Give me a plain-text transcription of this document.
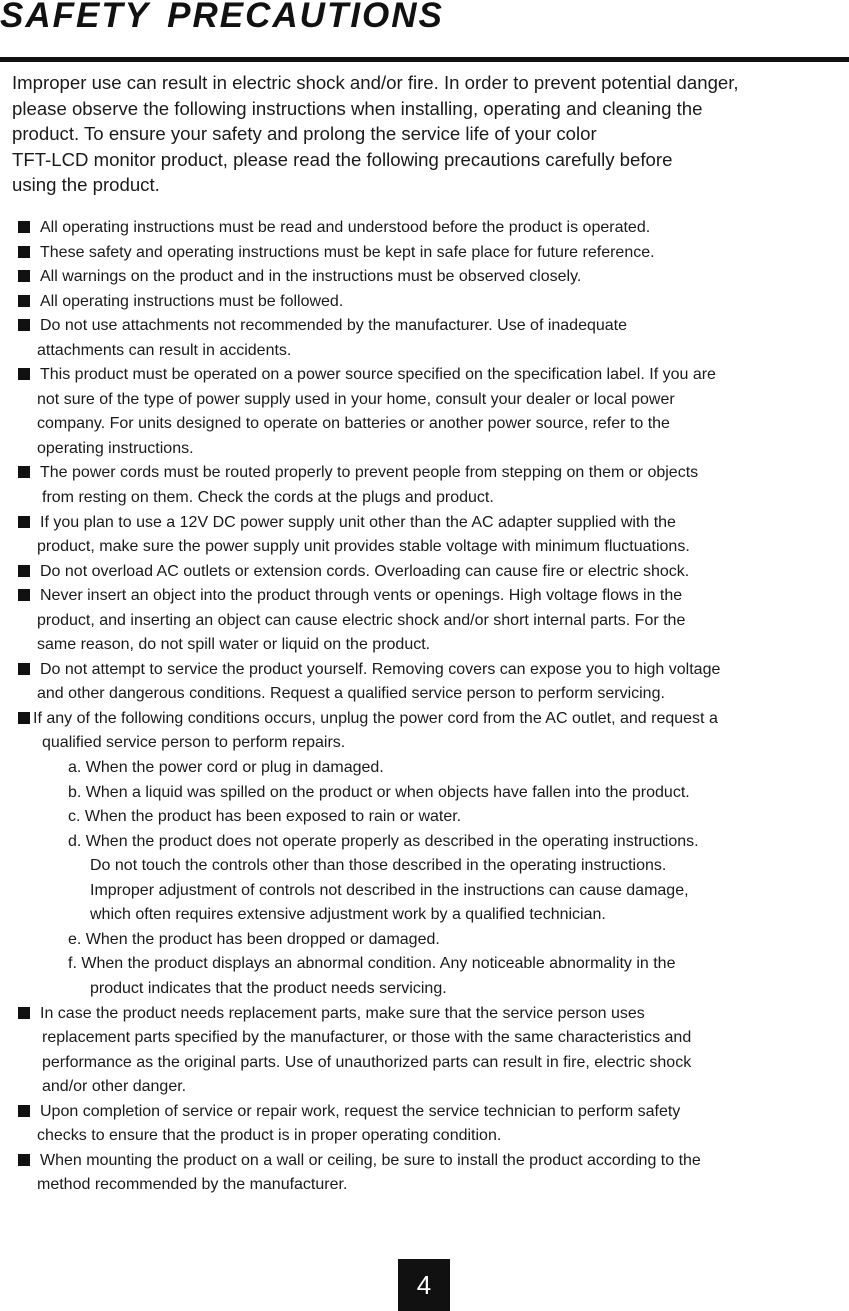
SAFETY PRECAUTIONS
Improper use can result in electric shock and/or fire. In order to prevent potential danger,
please observe the following instructions when installing, operating and cleaning the
product. To ensure your safety and prolong the service life of your color
TFT-LCD monitor product, please read the following precautions carefully before
using the product.
All operating instructions must be read and understood before the product is operated.
These safety and operating instructions must be kept in safe place for future reference.
All warnings on the product and in the instructions must be observed closely.
All operating instructions must be followed.
Do not use attachments not recommended by the manufacturer. Use of inadequate
attachments can result in accidents.
This product must be operated on a power source specified on the specification label. If you are
not sure of the type of power supply used in your home, consult your dealer or local power
company. For units designed to operate on batteries or another power source, refer to the
operating instructions.
The power cords must be routed properly to prevent people from stepping on them or objects
from resting on them. Check the cords at the plugs and product.
If you plan to use a 12V DC power supply unit other than the AC adapter supplied with the
product, make sure the power supply unit provides stable voltage with minimum fluctuations.
Do not overload AC outlets or extension cords. Overloading can cause fire or electric shock.
Never insert an object into the product through vents or openings. High voltage flows in the
product, and inserting an object can cause electric shock and/or short internal parts. For the
same reason, do not spill water or liquid on the product.
Do not attempt to service the product yourself. Removing covers can expose you to high voltage
and other dangerous conditions. Request a qualified service person to perform servicing.
If any of the following conditions occurs, unplug the power cord from the AC outlet, and request a
qualified service person to perform repairs.
a. When the power cord or plug in damaged.
b. When a liquid was spilled on the product or when objects have fallen into the product.
c. When the product has been exposed to rain or water.
d. When the product does not operate properly as described in the operating instructions.
Do not touch the controls other than those described in the operating instructions.
Improper adjustment of controls not described in the instructions can cause damage,
which often requires extensive adjustment work by a qualified technician.
e. When the product has been dropped or damaged.
f. When the product displays an abnormal condition. Any noticeable abnormality in the
product indicates that the product needs servicing.
In case the product needs replacement parts, make sure that the service person uses
replacement parts specified by the manufacturer, or those with the same characteristics and
performance as the original parts. Use of unauthorized parts can result in fire, electric shock
and/or other danger.
Upon completion of service or repair work, request the service technician to perform safety
checks to ensure that the product is in proper operating condition.
When mounting the product on a wall or ceiling, be sure to install the product according to the
method recommended by the manufacturer.
4
